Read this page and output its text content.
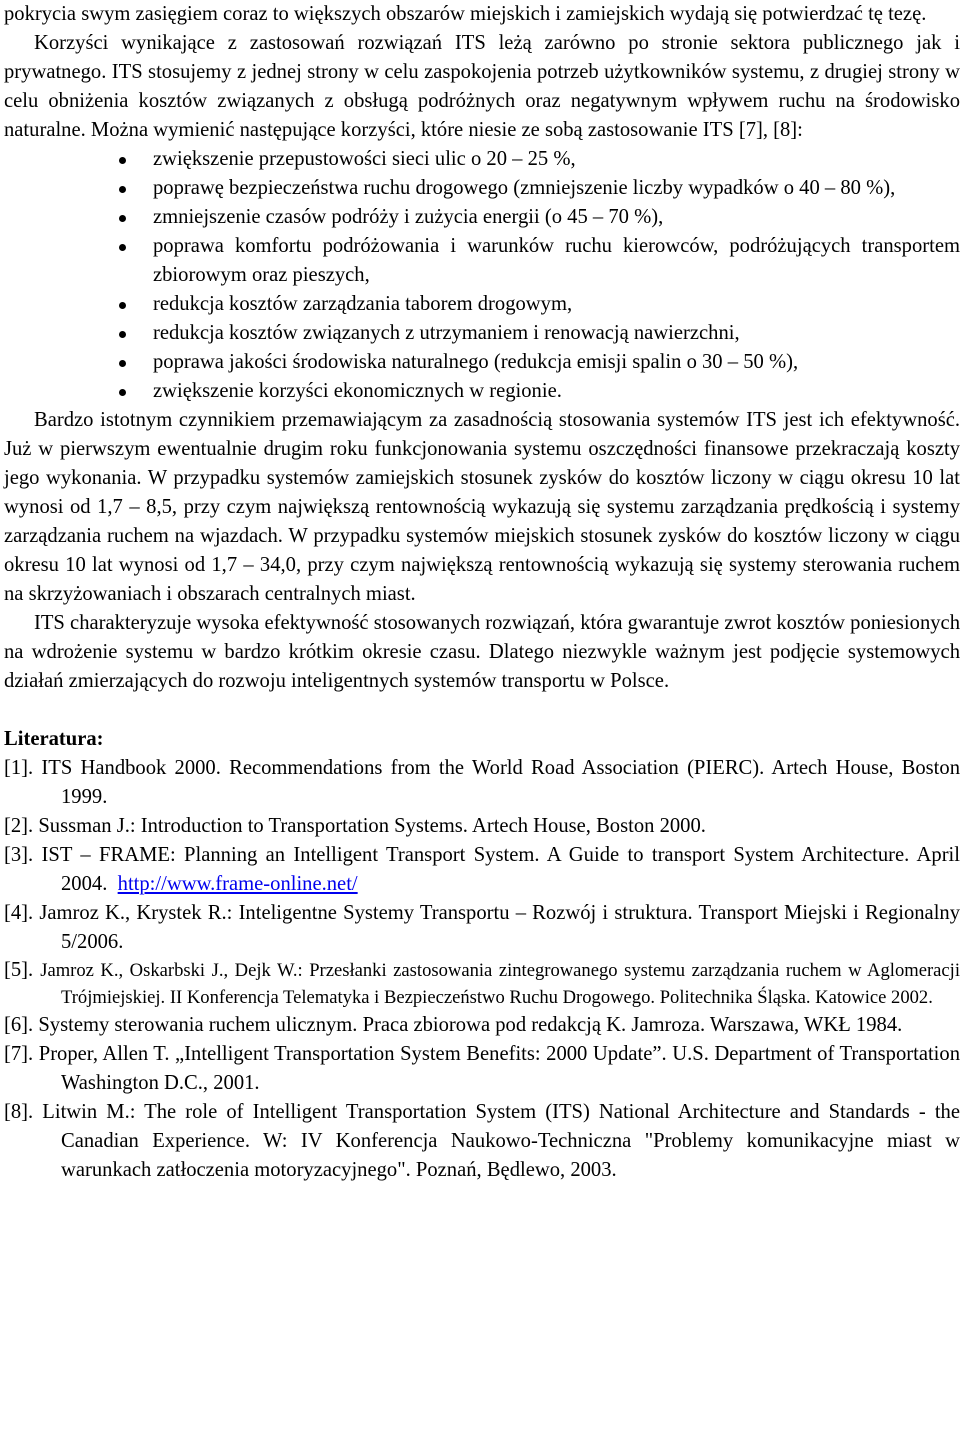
pokrycia swym zasięgiem coraz to większych obszarów miejskich i zamiejskich wydają się potwierdzać tę tezę.

Korzyści wynikające z zastosowań rozwiązań ITS leżą zarówno po stronie sektora publicznego jak i prywatnego. ITS stosujemy z jednej strony w celu zaspokojenia potrzeb użytkowników systemu, z drugiej strony w celu obniżenia kosztów związanych z obsługą podróżnych oraz negatywnym wpływem ruchu na środowisko naturalne. Można wymienić następujące korzyści, które niesie ze sobą zastosowanie ITS [7], [8]:

zwiększenie przepustowości sieci ulic o 20 – 25 %,
poprawę bezpieczeństwa ruchu drogowego (zmniejszenie liczby wypadków o 40 – 80 %),
zmniejszenie czasów podróży i zużycia energii (o 45 – 70 %),
poprawa komfortu podróżowania i warunków ruchu kierowców, podróżujących transportem zbiorowym oraz pieszych,
redukcja kosztów zarządzania taborem drogowym,
redukcja kosztów związanych z utrzymaniem i renowacją nawierzchni,
poprawa jakości środowiska naturalnego (redukcja emisji spalin o 30 – 50 %),
zwiększenie korzyści ekonomicznych w regionie.

Bardzo istotnym czynnikiem przemawiającym za zasadnością stosowania systemów ITS jest ich efektywność. Już w pierwszym ewentualnie drugim roku funkcjonowania systemu oszczędności finansowe przekraczają koszty jego wykonania. W przypadku systemów zamiejskich stosunek zysków do kosztów liczony w ciągu okresu 10 lat wynosi od 1,7 – 8,5, przy czym największą rentownością wykazują się systemu zarządzania prędkością i systemy zarządzania ruchem na wjazdach. W przypadku systemów miejskich stosunek zysków do kosztów liczony w ciągu okresu 10 lat wynosi od 1,7 – 34,0, przy czym największą rentownością wykazują się systemy sterowania ruchem na skrzyżowaniach i obszarach centralnych miast.

ITS charakteryzuje wysoka efektywność stosowanych rozwiązań, która gwarantuje zwrot kosztów poniesionych na wdrożenie systemu w bardzo krótkim okresie czasu. Dlatego niezwykle ważnym jest podjęcie systemowych działań zmierzających do rozwoju inteligentnych systemów transportu w Polsce.

Literatura:
[1]. ITS Handbook 2000. Recommendations from the World Road Association (PIERC). Artech House, Boston 1999.
[2]. Sussman J.: Introduction to Transportation Systems. Artech House, Boston 2000.
[3]. IST – FRAME: Planning an Intelligent Transport System. A Guide to transport System Architecture. April 2004. http://www.frame-online.net/
[4]. Jamroz K., Krystek R.: Inteligentne Systemy Transportu – Rozwój i struktura. Transport Miejski i Regionalny 5/2006.
[5]. Jamroz K., Oskarbski J., Dejk W.: Przesłanki zastosowania zintegrowanego systemu zarządzania ruchem w Aglomeracji Trójmiejskiej. II Konferencja Telematyka i Bezpieczeństwo Ruchu Drogowego. Politechnika Śląska. Katowice 2002.
[6]. Systemy sterowania ruchem ulicznym. Praca zbiorowa pod redakcją K. Jamroza. Warszawa, WKŁ 1984.
[7]. Proper, Allen T. „Intelligent Transportation System Benefits: 2000 Update”. U.S. Department of Transportation Washington D.C., 2001.
[8]. Litwin M.: The role of Intelligent Transportation System (ITS) National Architecture and Standards - the Canadian Experience. W: IV Konferencja Naukowo-Techniczna "Problemy komunikacyjne miast w warunkach zatłoczenia motoryzacyjnego". Poznań, Będlewo, 2003.
